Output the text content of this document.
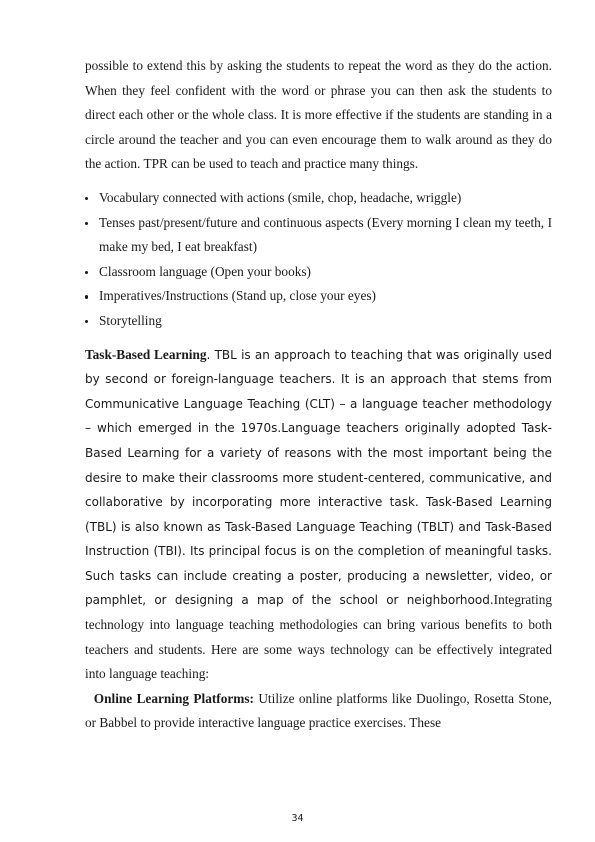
possible to extend this by asking the students to repeat the word as they do the action. When they feel confident with the word or phrase you can then ask the students to direct each other or the whole class. It is more effective if the students are standing in a circle around the teacher and you can even encourage them to walk around as they do the action. TPR can be used to teach and practice many things.

Vocabulary connected with actions (smile, chop, headache, wriggle)
Tenses past/present/future and continuous aspects (Every morning I clean my teeth, I make my bed, I eat breakfast)
Classroom language (Open your books)
Imperatives/Instructions (Stand up, close your eyes)
Storytelling

Task-Based Learning. TBL is an approach to teaching that was originally used by second or foreign-language teachers. It is an approach that stems from Communicative Language Teaching (CLT) – a language teacher methodology – which emerged in the 1970s.Language teachers originally adopted Task-Based Learning for a variety of reasons with the most important being the desire to make their classrooms more student-centered, communicative, and collaborative by incorporating more interactive task. Task-Based Learning (TBL) is also known as Task-Based Language Teaching (TBLT) and Task-Based Instruction (TBI). Its principal focus is on the completion of meaningful tasks. Such tasks can include creating a poster, producing a newsletter, video, or pamphlet, or designing a map of the school or neighborhood.Integrating technology into language teaching methodologies can bring various benefits to both teachers and students. Here are some ways technology can be effectively integrated into language teaching:

Online Learning Platforms: Utilize online platforms like Duolingo, Rosetta Stone, or Babbel to provide interactive language practice exercises. These

34
